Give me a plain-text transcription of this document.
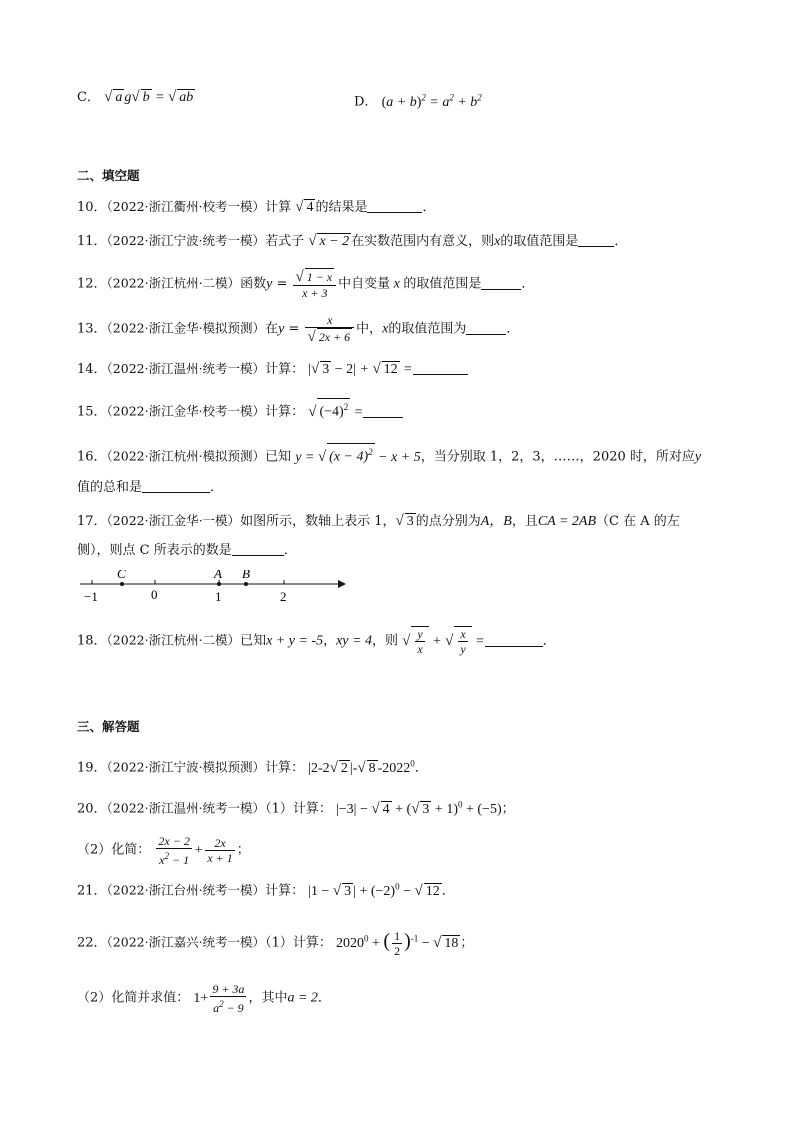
C． √ a g√ b = √ ab	D． $(a + b)^2 = a^2 + b^2$
二、填空题
10．（2022·浙江衢州·校考一模）计算 √ 4 的结果是	．
11．（2022·浙江宁波·统考一模）若式子 √ x − 2 在实数范围内有意义，则x的取值范围是	．
12．（2022·浙江杭州·二模）函数$y = \frac{√ 1 - x}{x + 3}$ 中自变量 x 的取值范围是	．
13．（2022·浙江金华·模拟预测）在$y = \frac{x}{√ 2x + 6}$ 中，x的取值范围为	．
14．（2022·浙江温州·统考一模）计算： |√ 3 − 2| + √ 12 =
15．（2022·浙江金华·校考一模）计算： √ $(-4)^2$ =
16．（2022·浙江杭州·模拟预测）已知 y = √ $(x - 4)^2 - x + 5$，当分别取 1，2，3，……，2020 时，所对应y
值的总和是	．
17．（2022·浙江金华·一模）如图所示，数轴上表示 1，√ 3 的点分别为A，B，且CA = 2AB（C 在 A 的左
侧），则点 C 所表示的数是	．
C	A B
−1	0	1	2
18．（2022·浙江杭州·二模）已知x + y = -5，xy = 4，则 √ $\frac{y}{x}$ + √ $\frac{x}{y}$ =	．
三、解答题
19．（2022·浙江宁波·模拟预测）计算： |2-2√ 2 |-√ 8 -2022$^0$．
20．（2022·浙江温州·统考一模）（1）计算： |−3| − √ 4 + (√ 3 + 1)$^0$ + (−5)；
（2）化简： $\frac{2x - 2}{x^2 - 1} + \frac{2x}{x + 1}$ ；
21．（2022·浙江台州·统考一模）计算： |1 − √ 3 | + $(-2)^0$ − √ 12 ．
22．（2022·浙江嘉兴·统考一模）（1）计算： $2020^0$ + ( $\frac{1}{2} )^{-1}$ − √ 18 ；
（2）化简并求值： $1+ \frac{9 + 3a}{a^2 - 9}$ ，其中a = 2．
